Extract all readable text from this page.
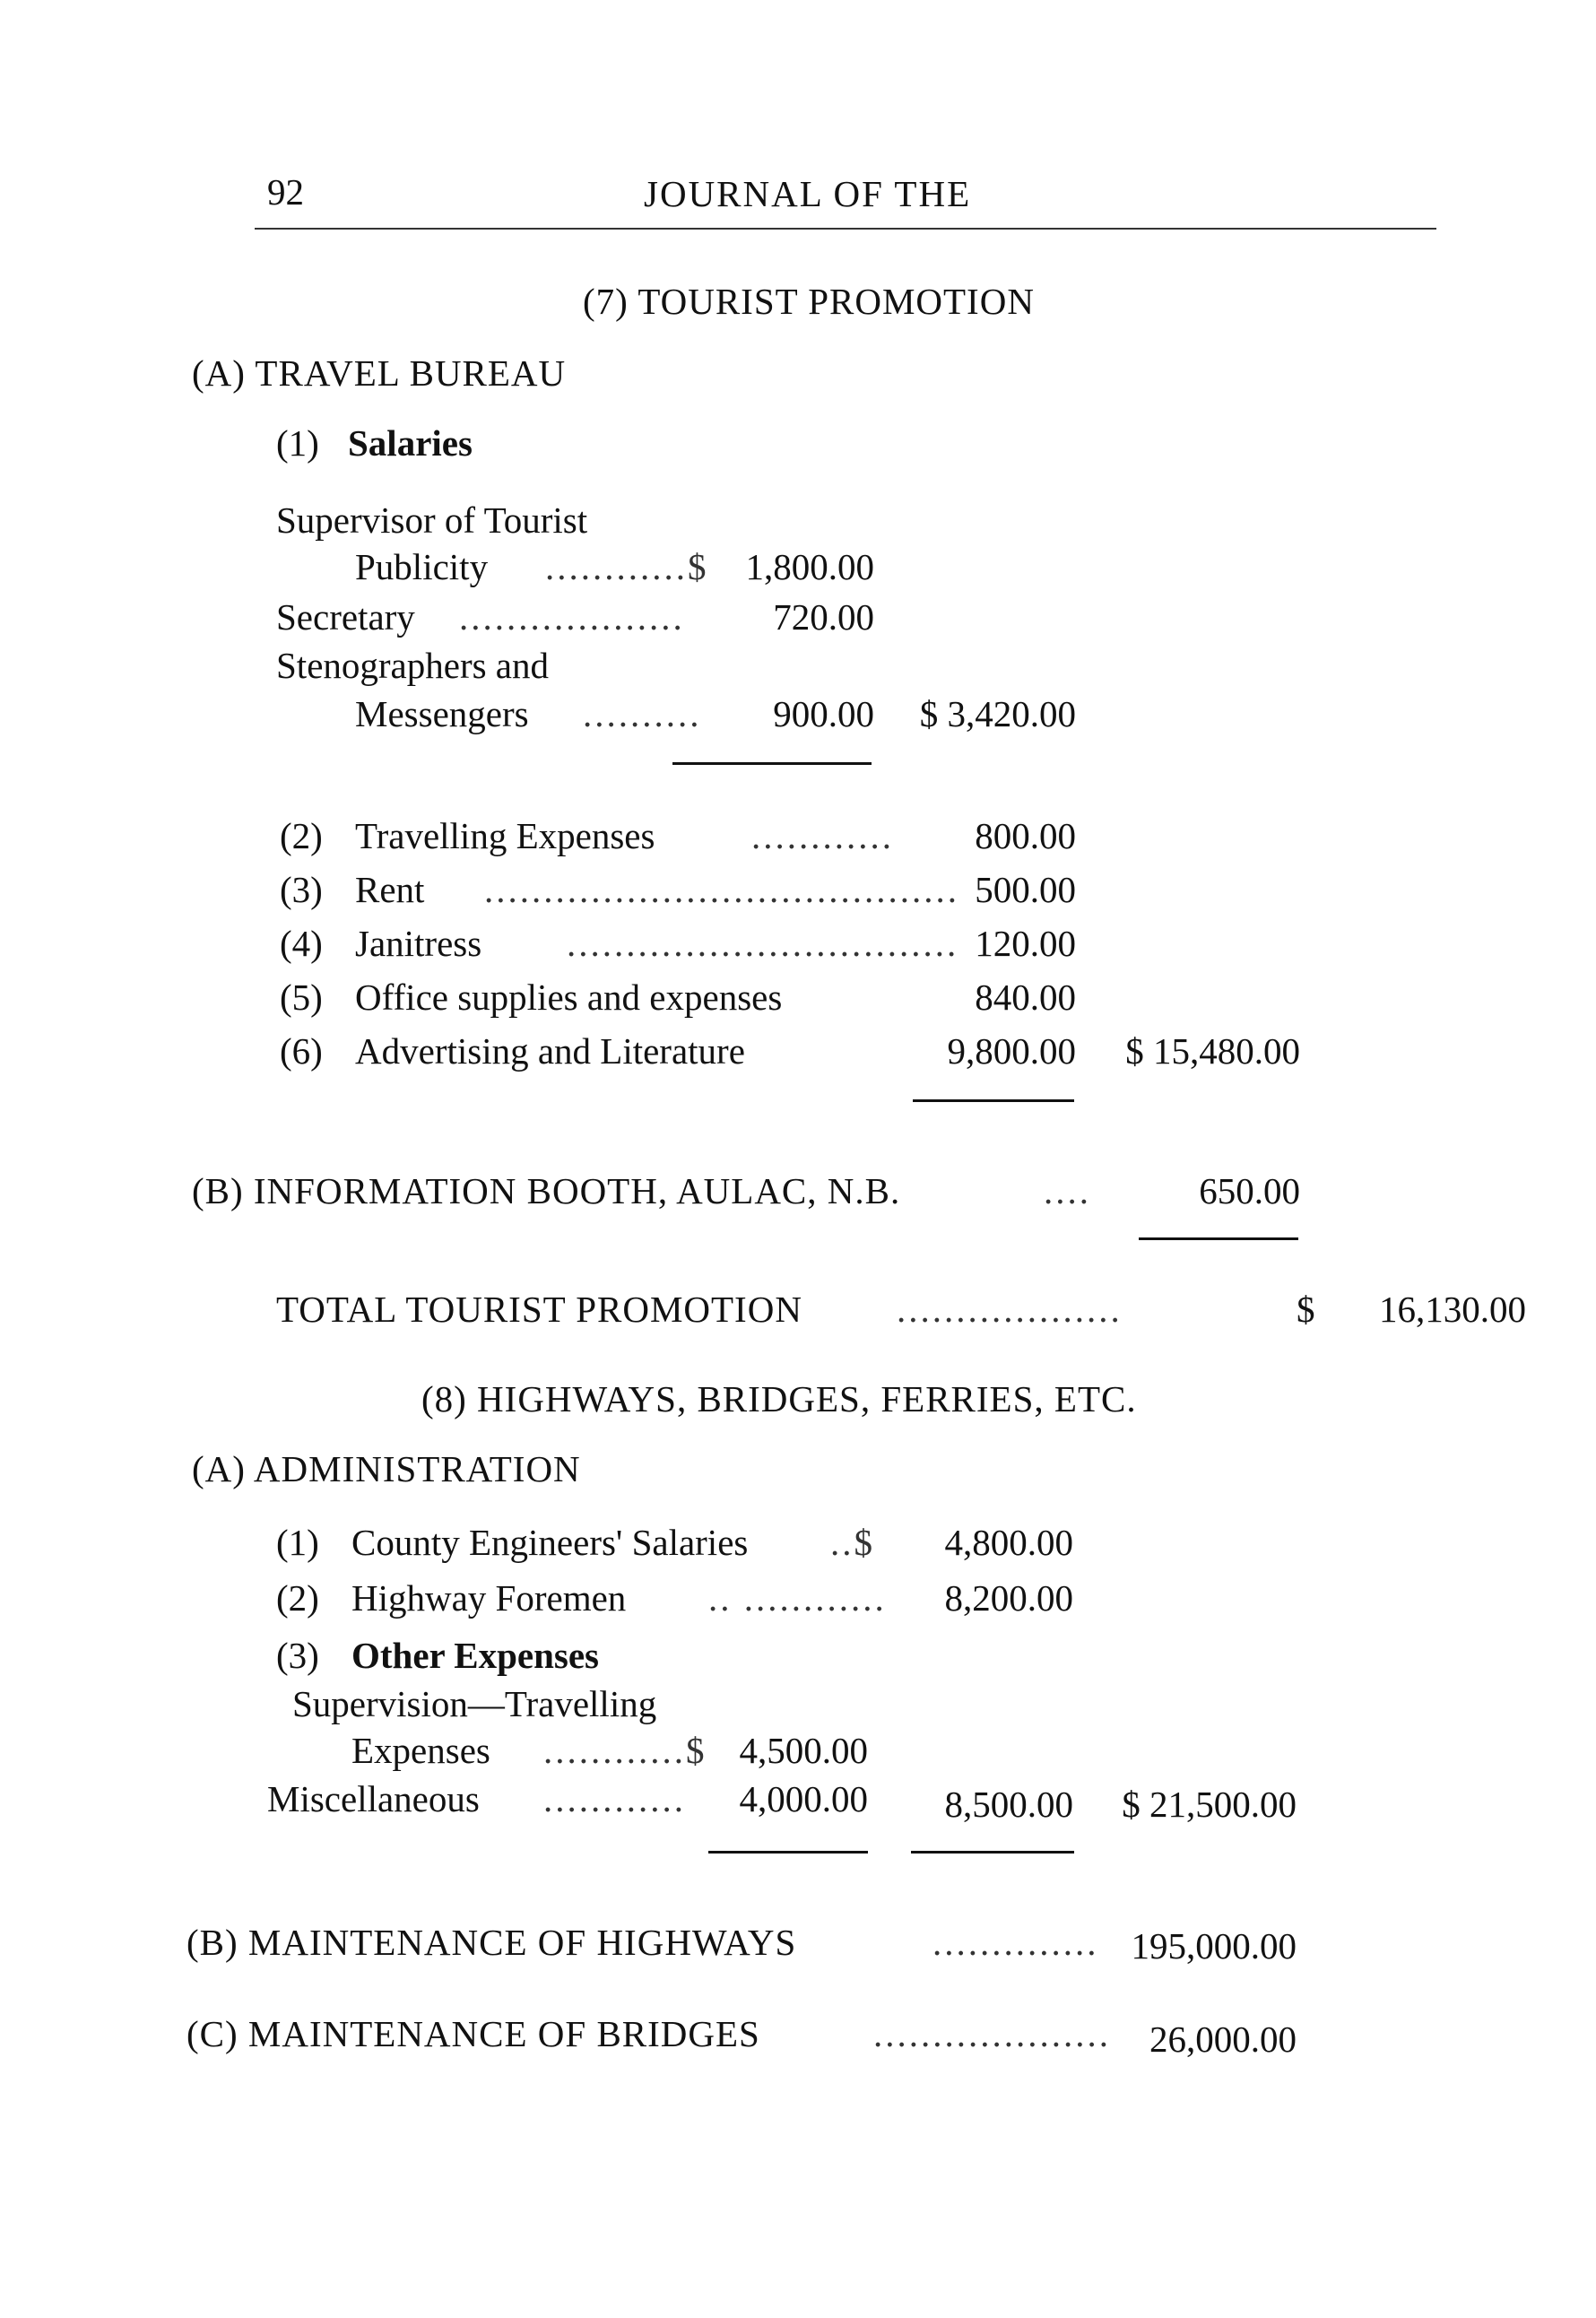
92	JOURNAL OF THE
(7) TOURIST PROMOTION
(A) TRAVEL BUREAU
(1) Salaries
Supervisor of Tourist
Publicity ............$	1,800.00
Secretary ...................	720.00
Stenographers and
Messengers ..........	900.00	$ 3,420.00
(2) Travelling Expenses	............	800.00
(3) Rent ........................................ 500.00
(4) Janitress ................................. 120.00
(5) Office supplies and expenses	840.00
(6) Advertising and Literature	9,800.00	$ 15,480.00
(B) INFORMATION BOOTH, AULAC, N.B.	....	650.00
TOTAL TOURIST PROMOTION	...................	$	16,130.00
(8) HIGHWAYS, BRIDGES, FERRIES, ETC.
(A) ADMINISTRATION
(1) County Engineers' Salaries ..$	4,800.00
(2) Highway Foremen .. ............	8,200.00
(3) Other Expenses
Supervision—Travelling
Expenses ............$ 4,500.00
Miscellaneous ............	4,000.00	8,500.00	$ 21,500.00
(B) MAINTENANCE OF HIGHWAYS	.............. 195,000.00
(C) MAINTENANCE OF BRIDGES	....................	26,000.00
